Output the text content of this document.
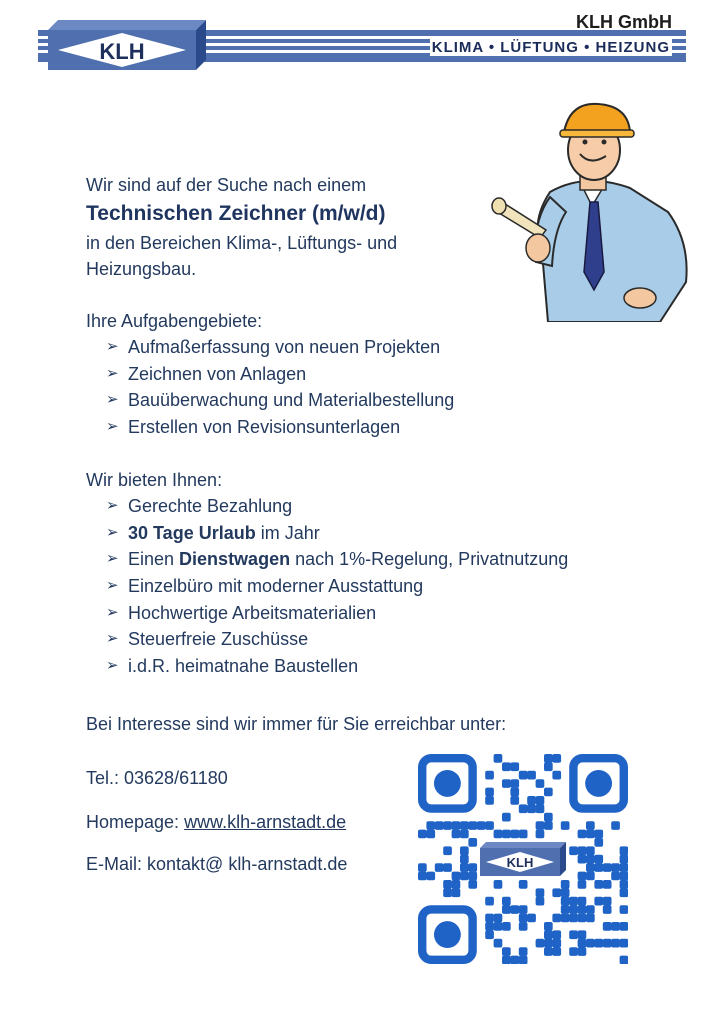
KLH GmbH
KLIMA • LÜFTUNG • HEIZUNG
KLH

Wir sind auf der Suche nach einem

Technischen Zeichner (m/w/d)

in den Bereichen Klima-, Lüftungs- und

Heizungsbau.

Ihre Aufgabengebiete:

➢ Aufmaßerfassung von neuen Projekten
➢ Zeichnen von Anlagen
➢ Bauüberwachung und Materialbestellung
➢ Erstellen von Revisionsunterlagen

Wir bieten Ihnen:

➢ Gerechte Bezahlung
➢ 30 Tage Urlaub im Jahr
➢ Einen Dienstwagen nach 1%-Regelung, Privatnutzung
➢ Einzelbüro mit moderner Ausstattung
➢ Hochwertige Arbeitsmaterialien
➢ Steuerfreie Zuschüsse
➢ i.d.R. heimatnahe Baustellen
Bei Interesse sind wir immer für Sie erreichbar unter:
Tel.: 03628/61180
Homepage: www.klh-arnstadt.de
E-Mail: kontakt@ klh-arnstadt.de	KLH
